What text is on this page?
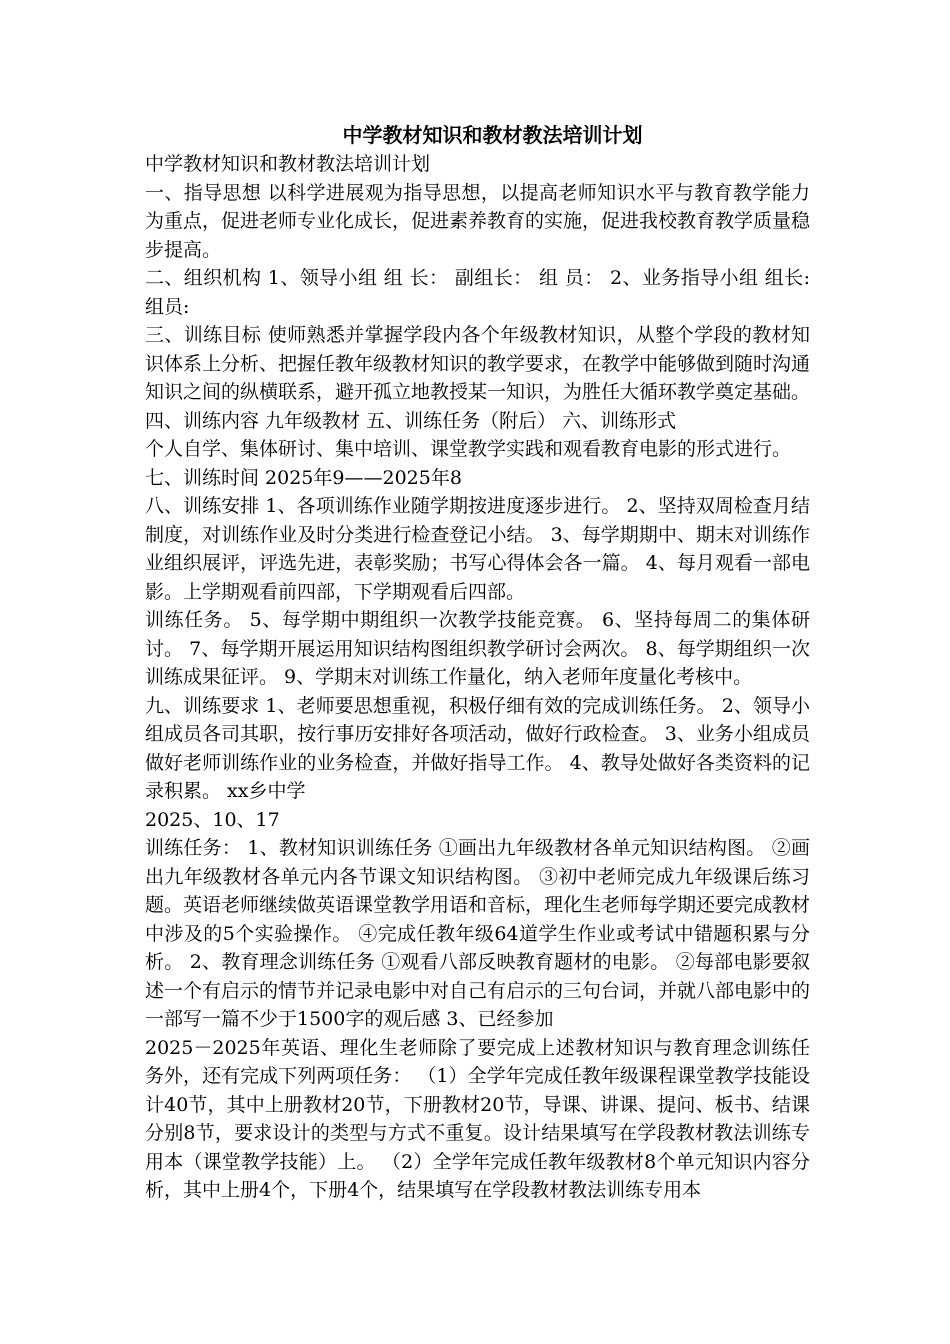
中学教材知识和教材教法培训计划

中学教材知识和教材教法培训计划

一、指导思想 以科学进展观为指导思想，以提高老师知识水平与教育教学能力为重点，促进老师专业化成长，促进素养教育的实施，促进我校教育教学质量稳步提高。

二、组织机构 1、领导小组 组 长： 副组长： 组 员： 2、业务指导小组 组长: 组员:

三、训练目标 使师熟悉并掌握学段内各个年级教材知识，从整个学段的教材知识体系上分析、把握任教年级教材知识的教学要求，在教学中能够做到随时沟通知识之间的纵横联系，避开孤立地教授某一知识，为胜任大循环教学奠定基础。 四、训练内容 九年级教材 五、训练任务（附后） 六、训练形式

个人自学、集体研讨、集中培训、课堂教学实践和观看教育电影的形式进行。

七、训练时间 2025年9——2025年8

八、训练安排 1、各项训练作业随学期按进度逐步进行。 2、坚持双周检查月结制度，对训练作业及时分类进行检查登记小结。 3、每学期期中、期末对训练作业组织展评，评选先进，表彰奖励；书写心得体会各一篇。 4、每月观看一部电影。上学期观看前四部，下学期观看后四部。

训练任务。 5、每学期中期组织一次教学技能竞赛。 6、坚持每周二的集体研讨。 7、每学期开展运用知识结构图组织教学研讨会两次。 8、每学期组织一次训练成果征评。 9、学期末对训练工作量化，纳入老师年度量化考核中。

九、训练要求 1、老师要思想重视，积极仔细有效的完成训练任务。 2、领导小组成员各司其职，按行事历安排好各项活动，做好行政检查。 3、业务小组成员做好老师训练作业的业务检查，并做好指导工作。 4、教导处做好各类资料的记录积累。 xx乡中学

2025、10、17

训练任务： 1、教材知识训练任务 ①画出九年级教材各单元知识结构图。 ②画出九年级教材各单元内各节课文知识结构图。 ③初中老师完成九年级课后练习题。英语老师继续做英语课堂教学用语和音标，理化生老师每学期还要完成教材中涉及的5个实验操作。 ④完成任教年级64道学生作业或考试中错题积累与分析。 2、教育理念训练任务 ①观看八部反映教育题材的电影。 ②每部电影要叙述一个有启示的情节并记录电影中对自己有启示的三句台词，并就八部电影中的一部写一篇不少于1500字的观后感 3、已经参加

2025－2025年英语、理化生老师除了要完成上述教材知识与教育理念训练任务外，还有完成下列两项任务： （1）全学年完成任教年级课程课堂教学技能设计40节，其中上册教材20节，下册教材20节，导课、讲课、提问、板书、结课分别8节，要求设计的类型与方式不重复。设计结果填写在学段教材教法训练专用本（课堂教学技能）上。 （2）全学年完成任教年级教材8个单元知识内容分析，其中上册4个，下册4个，结果填写在学段教材教法训练专用本
